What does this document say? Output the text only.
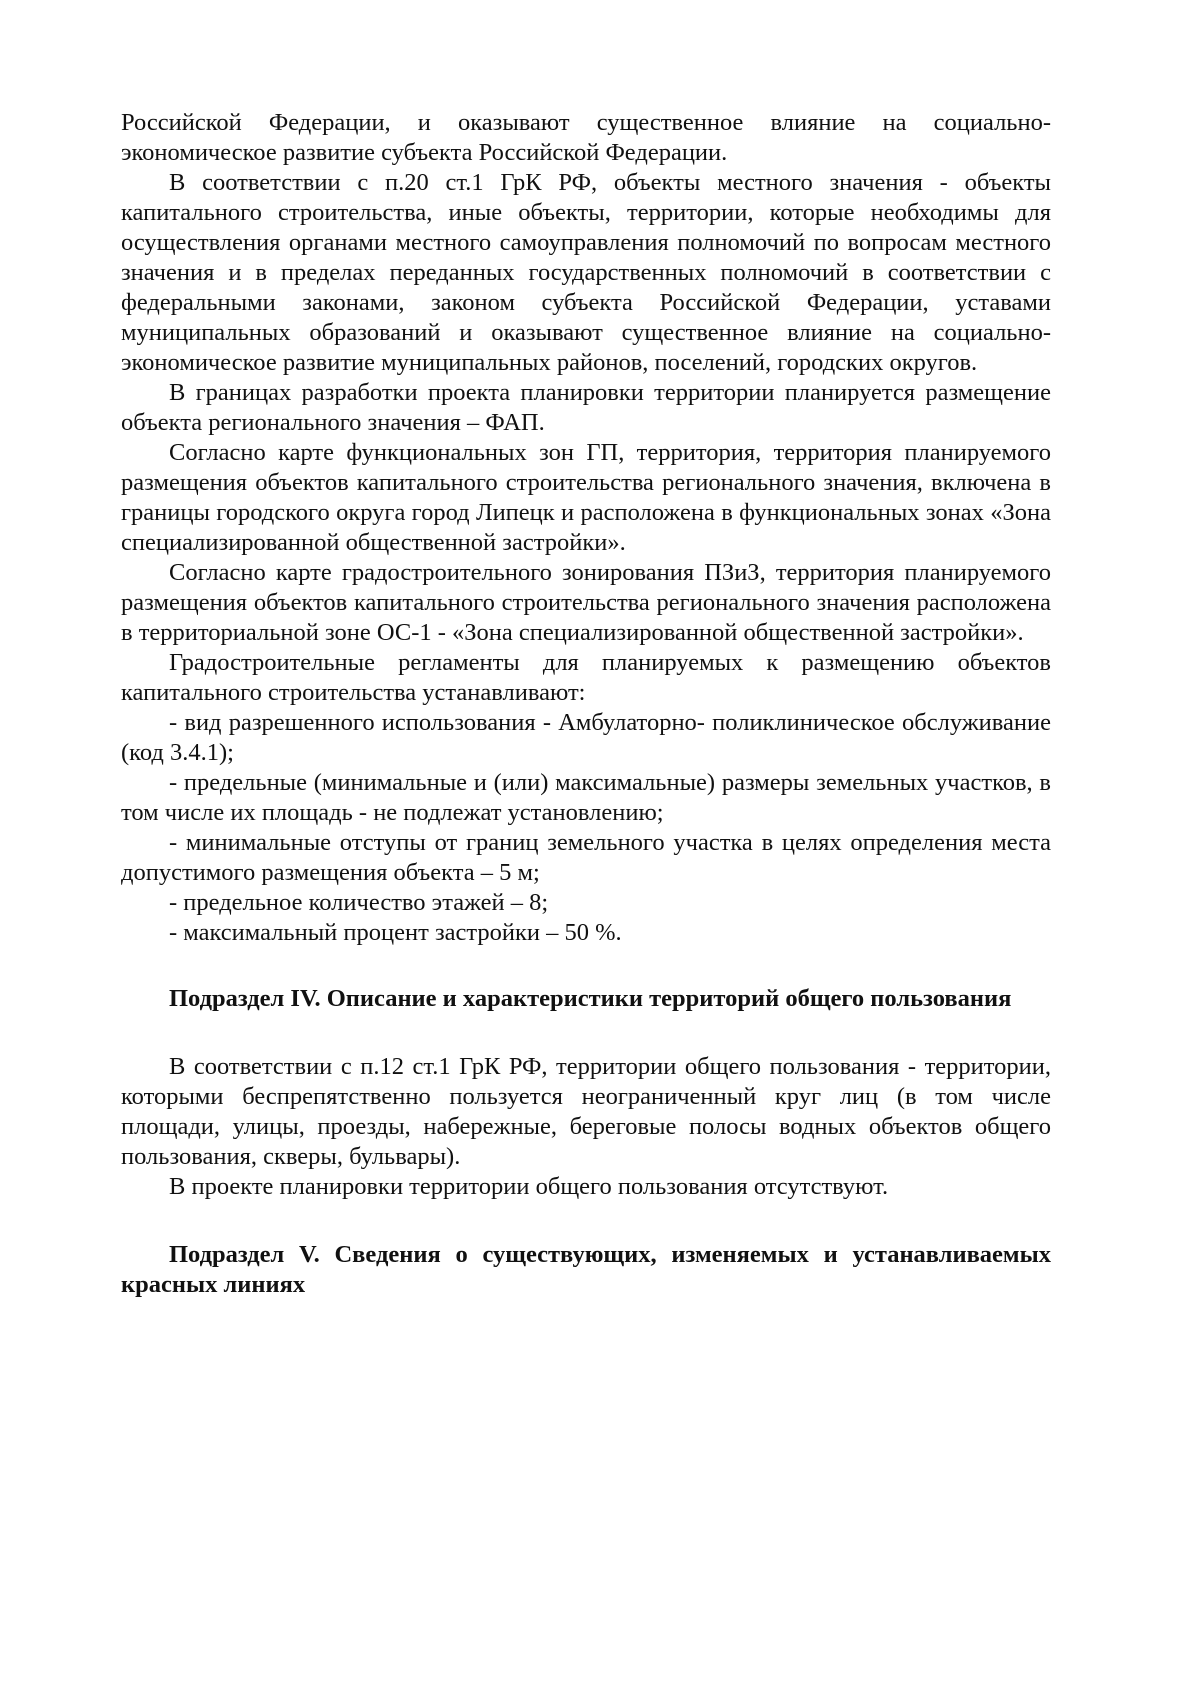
Российской Федерации, и оказывают существенное влияние на социально-экономическое развитие субъекта Российской Федерации.

В соответствии с п.20 ст.1 ГрК РФ, объекты местного значения - объекты капитального строительства, иные объекты, территории, которые необходимы для осуществления органами местного самоуправления полномочий по вопросам местного значения и в пределах переданных государственных полномочий в соответствии с федеральными законами, законом субъекта Российской Федерации, уставами муниципальных образований и оказывают существенное влияние на социально-экономическое развитие муниципальных районов, поселений, городских округов.

В границах разработки проекта планировки территории планируется размещение объекта регионального значения – ФАП.

Согласно карте функциональных зон ГП, территория, территория планируемого размещения объектов капитального строительства регионального значения, включена в границы городского округа город Липецк и расположена в функциональных зонах «Зона специализированной общественной застройки».

Согласно карте градостроительного зонирования ПЗиЗ, территория планируемого размещения объектов капитального строительства регионального значения расположена в территориальной зоне ОС-1 - «Зона специализированной общественной застройки».

Градостроительные регламенты для планируемых к размещению объектов капитального строительства устанавливают:

- вид разрешенного использования - Амбулаторно- поликлиническое обслуживание (код 3.4.1);

- предельные (минимальные и (или) максимальные) размеры земельных участков, в том числе их площадь - не подлежат установлению;

- минимальные отступы от границ земельного участка в целях определения места допустимого размещения объекта – 5 м;

- предельное количество этажей – 8;

- максимальный процент застройки – 50 %.

Подраздел IV. Описание и характеристики территорий общего пользования

В соответствии с п.12 ст.1 ГрК РФ, территории общего пользования - территории, которыми беспрепятственно пользуется неограниченный круг лиц (в том числе площади, улицы, проезды, набережные, береговые полосы водных объектов общего пользования, скверы, бульвары).

В проекте планировки территории общего пользования отсутствуют.

Подраздел V. Сведения о существующих, изменяемых и устанавливаемых красных линиях
